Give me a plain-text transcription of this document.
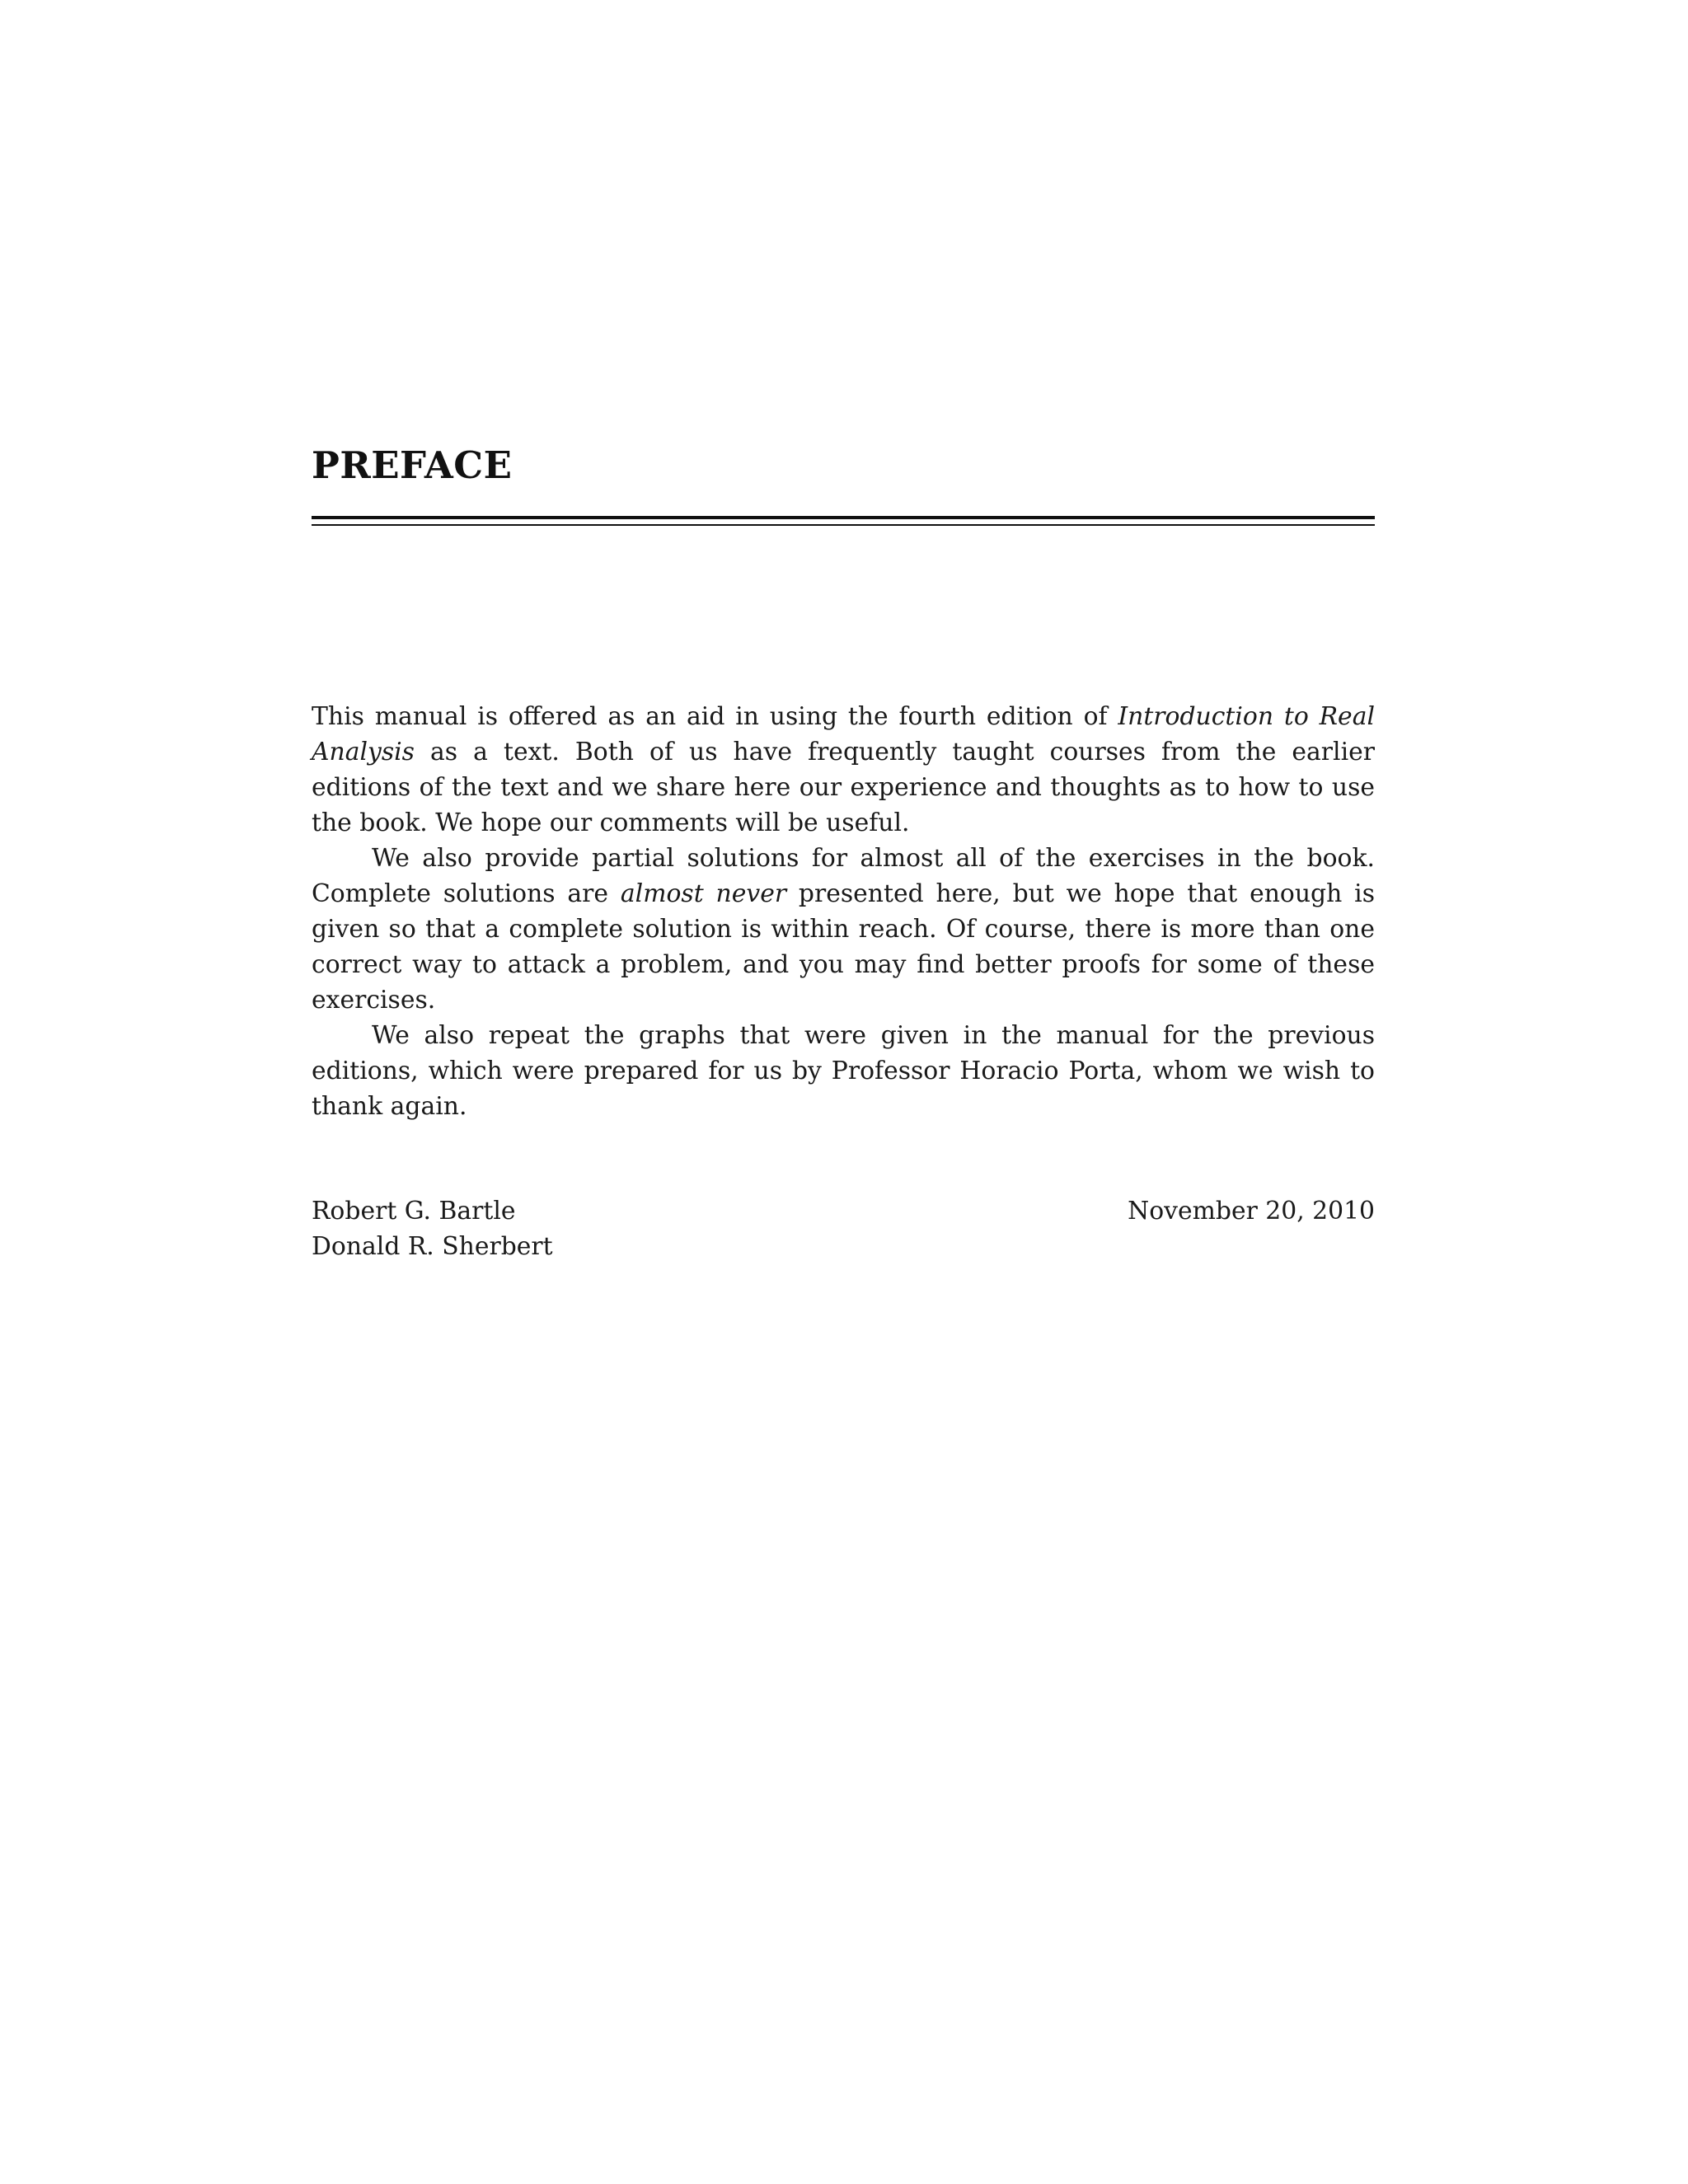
PREFACE

This manual is offered as an aid in using the fourth edition of Introduction to Real Analysis as a text. Both of us have frequently taught courses from the earlier editions of the text and we share here our experience and thoughts as to how to use the book. We hope our comments will be useful.

We also provide partial solutions for almost all of the exercises in the book. Complete solutions are almost never presented here, but we hope that enough is given so that a complete solution is within reach. Of course, there is more than one correct way to attack a problem, and you may find better proofs for some of these exercises.

We also repeat the graphs that were given in the manual for the previous editions, which were prepared for us by Professor Horacio Porta, whom we wish to thank again.

Robert G. Bartle
Donald R. Sherbert
November 20, 2010
